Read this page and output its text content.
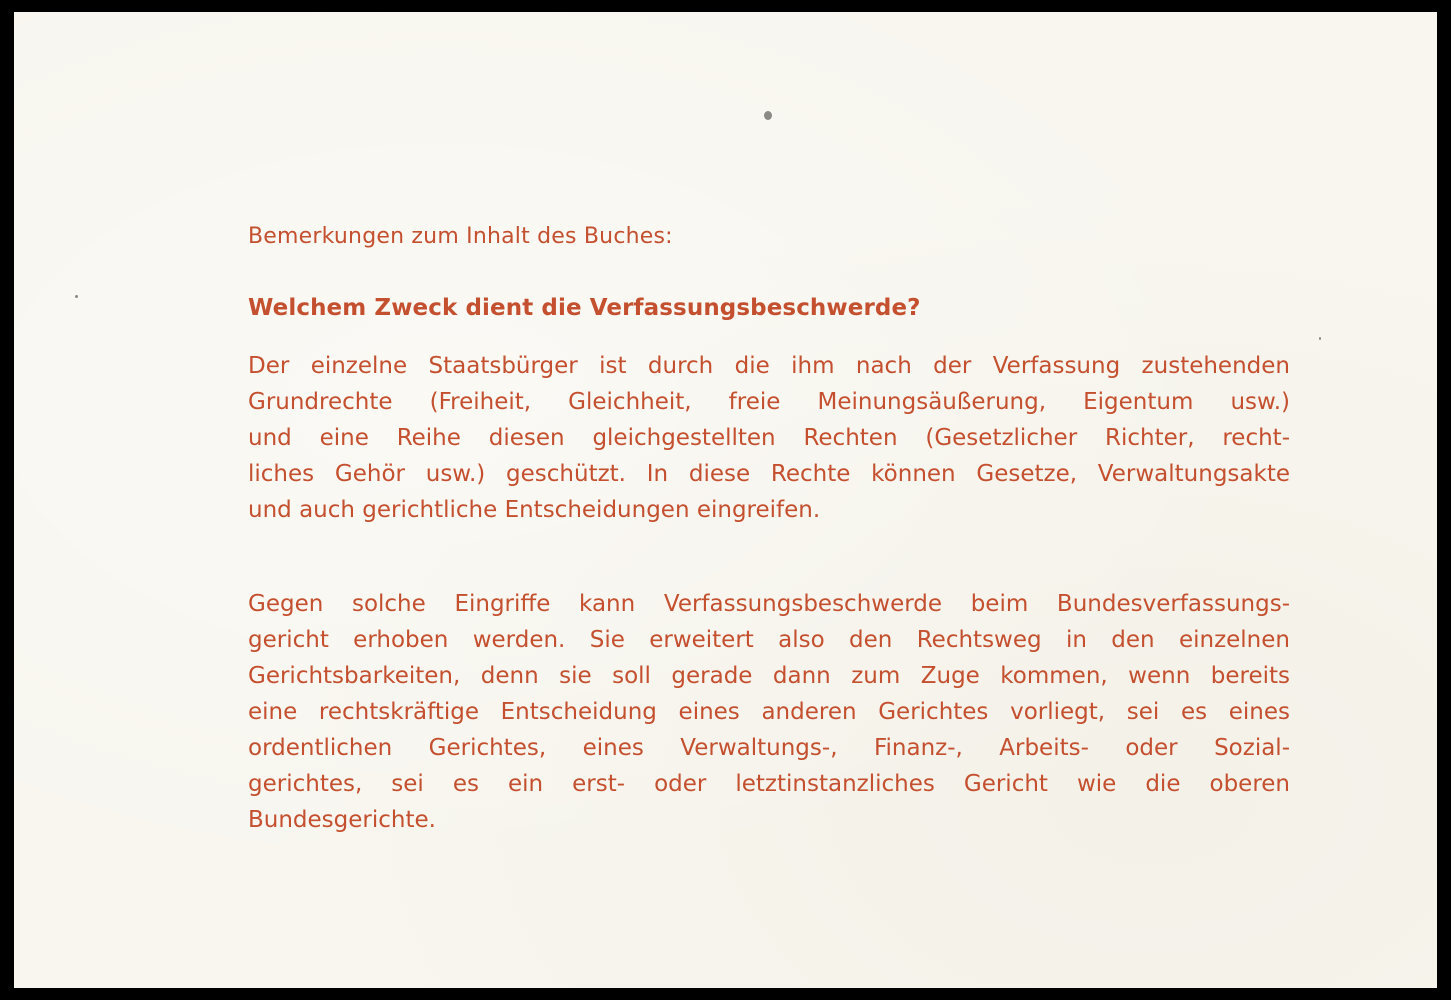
Bemerkungen zum Inhalt des Buches:
Welchem Zweck dient die Verfassungsbeschwerde?
Der einzelne Staatsbürger ist durch die ihm nach der Verfassung zustehenden
Grundrechte (Freiheit, Gleichheit, freie Meinungsäußerung, Eigentum usw.)
und eine Reihe diesen gleichgestellten Rechten (Gesetzlicher Richter, recht-
liches Gehör usw.) geschützt. In diese Rechte können Gesetze, Verwaltungsakte
und auch gerichtliche Entscheidungen eingreifen.
Gegen solche Eingriffe kann Verfassungsbeschwerde beim Bundesverfassungs-
gericht erhoben werden. Sie erweitert also den Rechtsweg in den einzelnen
Gerichtsbarkeiten, denn sie soll gerade dann zum Zuge kommen, wenn bereits
eine rechtskräftige Entscheidung eines anderen Gerichtes vorliegt, sei es eines
ordentlichen Gerichtes, eines Verwaltungs-, Finanz-, Arbeits- oder Sozial-
gerichtes, sei es ein erst- oder letztinstanzliches Gericht wie die oberen
Bundesgerichte.
